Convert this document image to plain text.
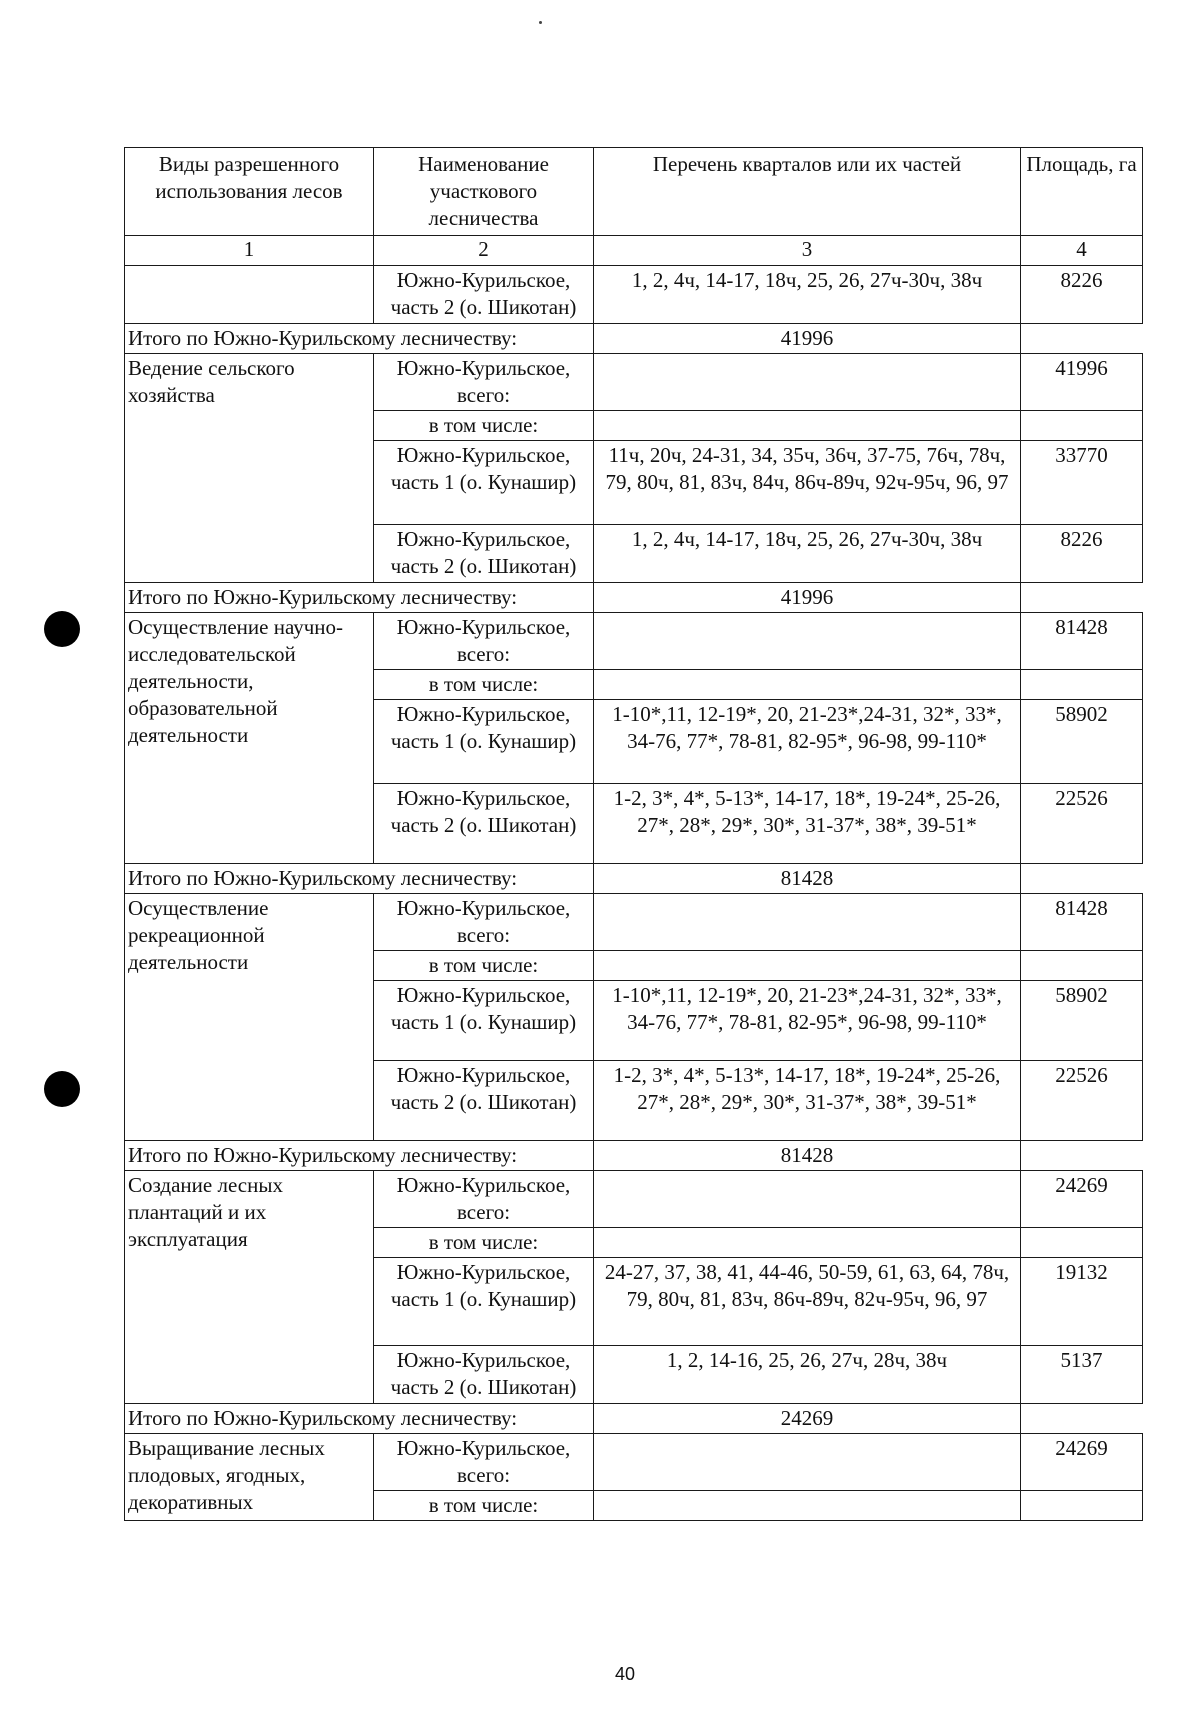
Виды разрешенного использования лесов	Наименование участкового лесничества	Перечень кварталов или их частей	Площадь, га
1	2	3	4
	Южно-Курильское, часть 2 (о. Шикотан)	1, 2, 4ч, 14-17, 18ч, 25, 26, 27ч-30ч, 38ч	8226
Итого по Южно-Курильскому лесничеству:		41996	
Ведение сельского хозяйства	Южно-Курильское, всего:		41996
	в том числе:		
	Южно-Курильское, часть 1 (о. Кунашир)	11ч, 20ч, 24-31, 34, 35ч, 36ч, 37-75, 76ч, 78ч, 79, 80ч, 81, 83ч, 84ч, 86ч-89ч, 92ч-95ч, 96, 97	33770
	Южно-Курильское, часть 2 (о. Шикотан)	1, 2, 4ч, 14-17, 18ч, 25, 26, 27ч-30ч, 38ч	8226
Итого по Южно-Курильскому лесничеству:		41996	
Осуществление научно-исследовательской деятельности, образовательной деятельности	Южно-Курильское, всего:		81428
	в том числе:		
	Южно-Курильское, часть 1 (о. Кунашир)	1-10*,11, 12-19*, 20, 21-23*,24-31, 32*, 33*, 34-76, 77*, 78-81, 82-95*, 96-98, 99-110*	58902
	Южно-Курильское, часть 2 (о. Шикотан)	1-2, 3*, 4*, 5-13*, 14-17, 18*, 19-24*, 25-26, 27*, 28*, 29*, 30*, 31-37*, 38*, 39-51*	22526
Итого по Южно-Курильскому лесничеству:		81428	
Осуществление рекреационной деятельности	Южно-Курильское, всего:		81428
	в том числе:		
	Южно-Курильское, часть 1 (о. Кунашир)	1-10*,11, 12-19*, 20, 21-23*,24-31, 32*, 33*, 34-76, 77*, 78-81, 82-95*, 96-98, 99-110*	58902
	Южно-Курильское, часть 2 (о. Шикотан)	1-2, 3*, 4*, 5-13*, 14-17, 18*, 19-24*, 25-26, 27*, 28*, 29*, 30*, 31-37*, 38*, 39-51*	22526
Итого по Южно-Курильскому лесничеству:		81428	
Создание лесных плантаций и их эксплуатация	Южно-Курильское, всего:		24269
	в том числе:		
	Южно-Курильское, часть 1 (о. Кунашир)	24-27, 37, 38, 41, 44-46, 50-59, 61, 63, 64, 78ч, 79, 80ч, 81, 83ч, 86ч-89ч, 82ч-95ч, 96, 97	19132
	Южно-Курильское, часть 2 (о. Шикотан)	1, 2, 14-16, 25, 26, 27ч, 28ч, 38ч	5137
Итого по Южно-Курильскому лесничеству:		24269	
Выращивание лесных плодовых, ягодных, декоративных	Южно-Курильское, всего:		24269
	в том числе:		
40
